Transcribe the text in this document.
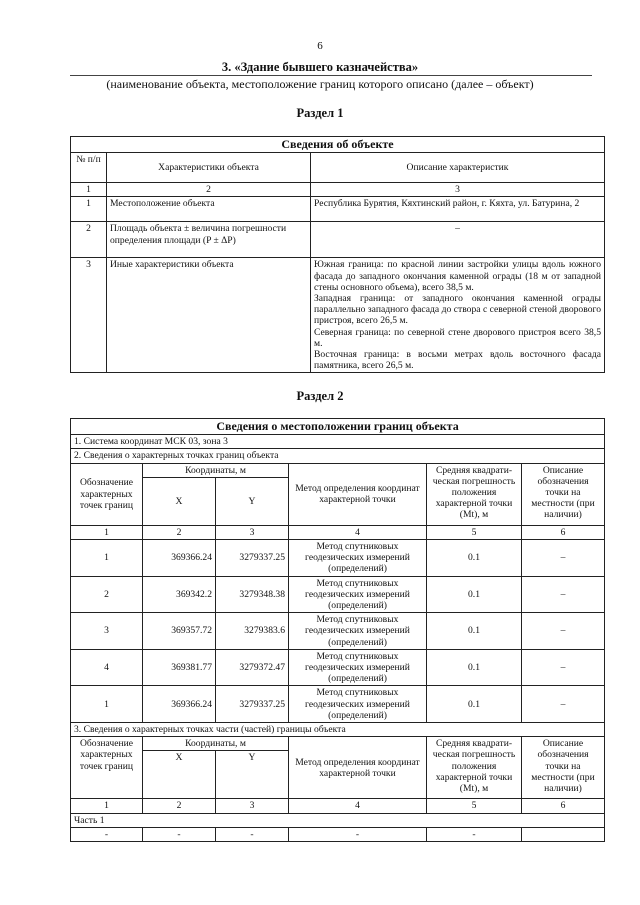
6
3. «Здание бывшего казначейства»
(наименование объекта, местоположение границ которого описано (далее – объект)
Раздел 1
Сведения об объекте		
№ п/п	Характеристики объекта	Описание характеристик
1	2	3
1	Местоположение объекта	Республика Бурятия, Кяхтинский район, г. Кяхта, ул. Батурина, 2
2	Площадь объекта ± величина погрешности определения площади (P ± ΔP)	–
3	Иные характеристики объекта	Южная граница: по красной линии застройки улицы вдоль южного фасада до западного окончания каменной ограды (18 м от западной стены основного объема), всего 38,5 м.

Западная граница: от западного окончания каменной ограды параллельно западного фасада до створа с северной стеной дворового пристроя, всего 26,5 м.

Северная граница: по северной стене дворового пристроя всего 38,5 м.

Восточная граница: в восьми метрах вдоль восточного фасада памятника, всего 26,5 м.

Раздел 2
Сведения о местоположении границ объекта					
1. Система координат МСК 03, зона 3					
2. Сведения о характерных точках границ объекта					
Обозначение характерных точек границ	Координаты, м		Метод определения координат характерной точки	Средняя квадрати-ческая погрешность положения характерной точки (Mt), м	Описание обозначения точки на местности (при наличии)
	X	Y			
1	2	3	4	5	6
1	369366.24	3279337.25	Метод спутниковых геодезических измерений (определений)	0.1	–
2	369342.2	3279348.38	Метод спутниковых геодезических измерений (определений)	0.1	–
3	369357.72	3279383.6	Метод спутниковых геодезических измерений (определений)	0.1	–
4	369381.77	3279372.47	Метод спутниковых геодезических измерений (определений)	0.1	–
1	369366.24	3279337.25	Метод спутниковых геодезических измерений (определений)	0.1	–
3. Сведения о характерных точках части (частей) границы объекта					
Обозначение характерных точек границ	Координаты, м		Метод определения координат характерной точки	Средняя квадрати-ческая погрешность положения характерной точки (Mt), м	Описание обозначения точки на местности (при наличии)
	X	Y			
1	2	3	4	5	6
Часть 1					
-	-	-	-	-	
